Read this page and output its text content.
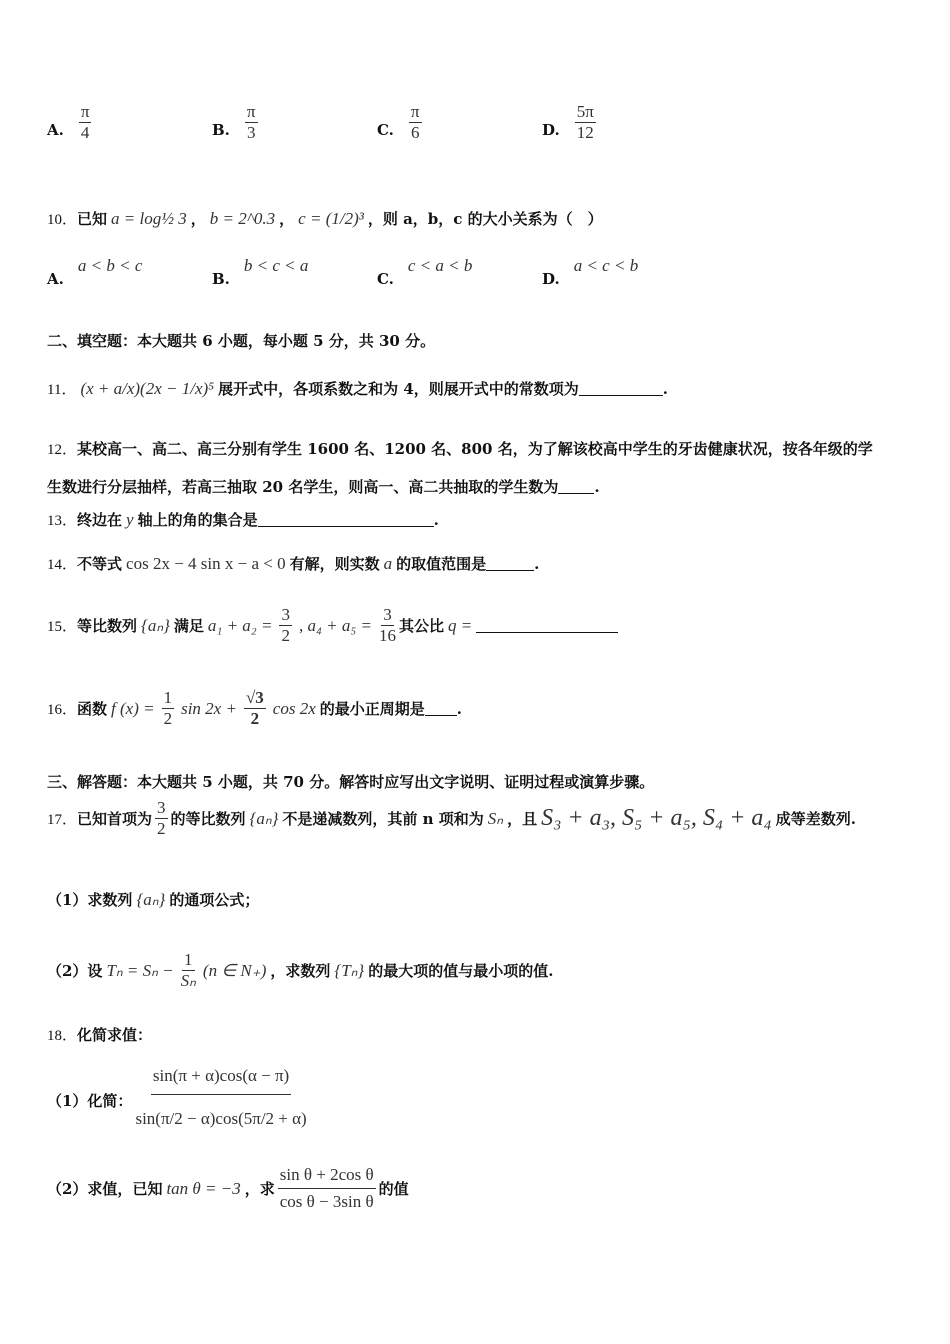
A. $\frac{\pi}{4}$	B. $\frac{\pi}{3}$	C. $\frac{\pi}{6}$	D. $\frac{5\pi}{12}$
10． 已知 a = log½ 3 ， b = 2^0.3 ， c = (1/2)³ ，则 a，b，c 的大小关系为（　）
A.
a < b < c
B.
b < c < a
C.
c < a < b
D.
a < c < b
二、填空题：本大题共 6 小题，每小题 5 分，共 30 分。
11． (x + a/x)(2x − 1/x)⁵ 展开式中，各项系数之和为 4，则展开式中的常数项为	.
12． 某校高一、高二、高三分别有学生 1600 名、1200 名、800 名，为了解该校高中学生的牙齿健康状况，按各年级的学
生数进行分层抽样，若高三抽取 20 名学生，则高一、高二共抽取的学生数为 .
13． 终边在 y 轴上的角的集合是	.
14． 不等式 cos 2x − 4 sin x − a < 0 有解，则实数 a 的取值范围是	.
15． 等比数列 {aₙ} 满足 $a_1 + a_2 = \frac{3}{2}$ , $a_4 + a_5 = \frac{3}{16}$ 其公比 q =
16． 函数 f $(x) = \frac{1}{2}$ $\sin 2x + \frac{√3}{2}$ cos 2x 的最小正周期是 .
三、解答题：本大题共 5 小题，共 70 分。解答时应写出文字说明、证明过程或演算步骤。
17． 已知首项为 $\frac{3}{2}$ 的等比数列 {aₙ} 不是递减数列，其前 n 项和为 Sₙ ，且 S₃ + a₃, S₅ + a₅, S₄ + a₄ 成等差数列.
（1）求数列 {aₙ} 的通项公式；
（2）设 $T_n = S_n - \frac{1}{\text{Sₙ}} (n$ ∈ N₊) ，求数列 {Tₙ} 的最大项的值与最小项的值.
18． 化简求值：
（1）化简： $\frac{\sin(\pi + \alpha)\cos(\alpha - \pi)}{\sin(\pi/2 - \alpha)\cos(5\pi/2 + \alpha)}$
（2）求值，已知 tan θ = −3 ，求 $\frac{\text{sin θ + 2cos θ}}{\text{cos θ − 3sin θ}}$ 的值
